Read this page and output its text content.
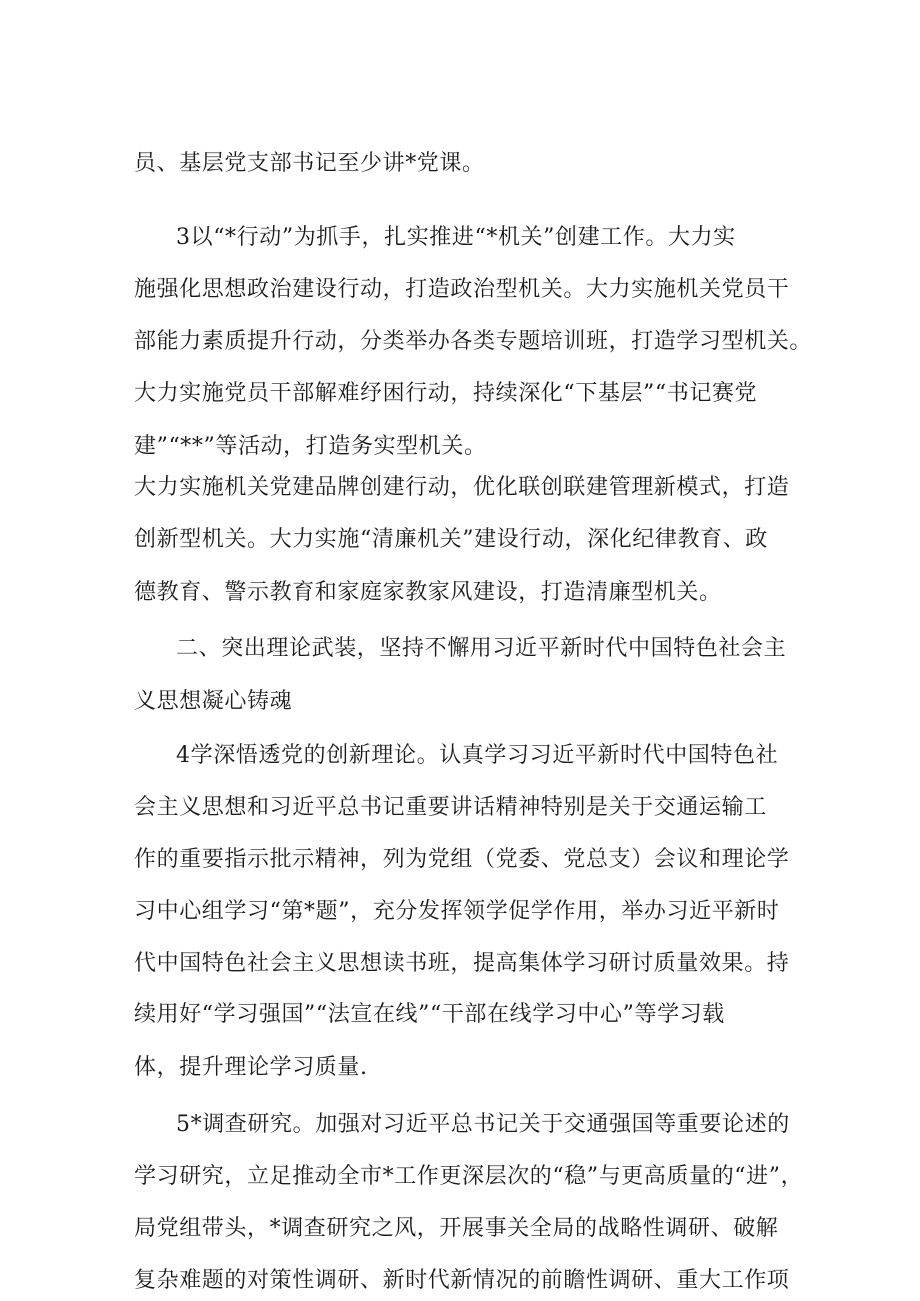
员、基层党支部书记至少讲*党课。
3以“*行动”为抓手，扎实推进“*机关”创建工作。大力实
施强化思想政治建设行动，打造政治型机关。大力实施机关党员干
部能力素质提升行动，分类举办各类专题培训班，打造学习型机关。
大力实施党员干部解难纾困行动，持续深化“下基层”“书记赛党
建”“**”等活动，打造务实型机关。
大力实施机关党建品牌创建行动，优化联创联建管理新模式，打造
创新型机关。大力实施“清廉机关”建设行动，深化纪律教育、政
德教育、警示教育和家庭家教家风建设，打造清廉型机关。
二、突出理论武装，坚持不懈用习近平新时代中国特色社会主
义思想凝心铸魂
4学深悟透党的创新理论。认真学习习近平新时代中国特色社
会主义思想和习近平总书记重要讲话精神特别是关于交通运输工
作的重要指示批示精神，列为党组（党委、党总支）会议和理论学
习中心组学习“第*题”，充分发挥领学促学作用，举办习近平新时
代中国特色社会主义思想读书班，提高集体学习研讨质量效果。持
续用好“学习强国”“法宣在线”“干部在线学习中心”等学习载
体，提升理论学习质量.
5*调查研究。加强对习近平总书记关于交通强国等重要论述的
学习研究，立足推动全市*工作更深层次的“稳”与更高质量的“进”，
局党组带头，*调查研究之风，开展事关全局的战略性调研、破解
复杂难题的对策性调研、新时代新情况的前瞻性调研、重大工作项
